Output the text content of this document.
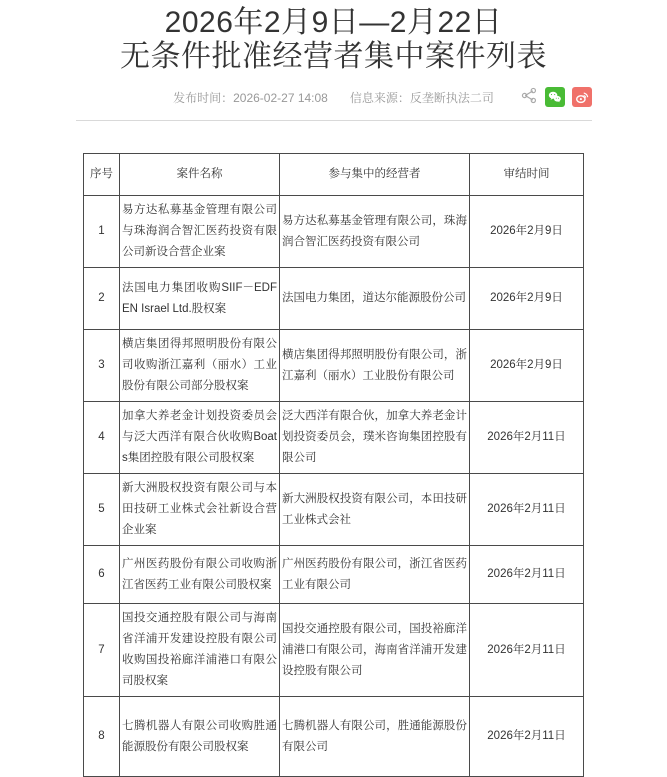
2026年2月9日—2月22日
无条件批准经营者集中案件列表
发布时间：2026-02-27 14:08 信息来源：反垄断执法二司
序号	案件名称	参与集中的经营者	审结时间
1	易方达私募基金管理有限公司与珠海润合智汇医药投资有限公司新设合营企业案	易方达私募基金管理有限公司，珠海润合智汇医药投资有限公司	2026年2月9日
2	法国电力集团收购SIIF－EDF EN Israel Ltd.股权案	法国电力集团，道达尔能源股份公司	2026年2月9日
3	横店集团得邦照明股份有限公司收购浙江嘉利（丽水）工业股份有限公司部分股权案	横店集团得邦照明股份有限公司，浙江嘉利（丽水）工业股份有限公司	2026年2月9日
4	加拿大养老金计划投资委员会与泛大西洋有限合伙收购Boats集团控股有限公司股权案	泛大西洋有限合伙，加拿大养老金计划投资委员会，璞米咨询集团控股有限公司	2026年2月11日
5	新大洲股权投资有限公司与本田技研工业株式会社新设合营企业案	新大洲股权投资有限公司，本田技研工业株式会社	2026年2月11日
6	广州医药股份有限公司收购浙江省医药工业有限公司股权案	广州医药股份有限公司，浙江省医药工业有限公司	2026年2月11日
7	国投交通控股有限公司与海南省洋浦开发建设控股有限公司收购国投裕廊洋浦港口有限公司股权案	国投交通控股有限公司，国投裕廊洋浦港口有限公司，海南省洋浦开发建设控股有限公司	2026年2月11日
8	七腾机器人有限公司收购胜通能源股份有限公司股权案	七腾机器人有限公司，胜通能源股份有限公司	2026年2月11日
